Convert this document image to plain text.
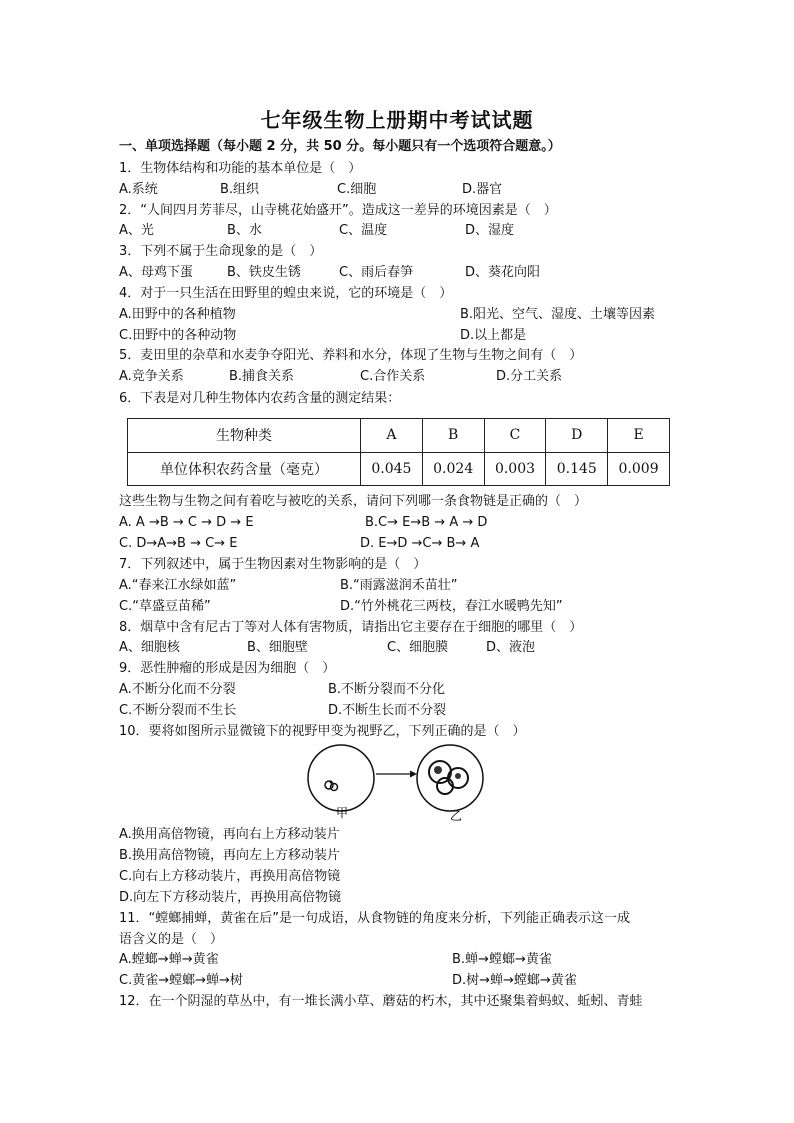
七年级生物上册期中考试试题
一、单项选择题（每小题 2 分，共 50 分。每小题只有一个选项符合题意。）
1．生物体结构和功能的基本单位是（　）
A.系统	B.组织	C.细胞	D.器官
2．“人间四月芳菲尽，山寺桃花始盛开”。造成这一差异的环境因素是（　）
A、光	B、水	C、温度	D、湿度
3．下列不属于生命现象的是（　）
A、母鸡下蛋	B、铁皮生锈	C、雨后春笋	D、葵花向阳
4．对于一只生活在田野里的蝗虫来说，它的环境是（　）
A.田野中的各种植物	B.阳光、空气、湿度、土壤等因素
C.田野中的各种动物	D.以上都是
5．麦田里的杂草和水麦争夺阳光、养料和水分，体现了生物与生物之间有（　）
A.竞争关系	B.捕食关系	C.合作关系	D.分工关系
6．下表是对几种生物体内农药含量的测定结果：
生物种类	A	B	C	D	E
单位体积农药含量（毫克）	0.045	0.024	0.003	0.145	0.009
这些生物与生物之间有着吃与被吃的关系，请问下列哪一条食物链是正确的（　）
A. A →B → C → D → E	B.C→ E→B → A → D
C. D→A→B → C→ E	D. E→D →C→ B→ A
7．下列叙述中，属于生物因素对生物影响的是（　）
A.“春来江水绿如蓝”	B.“雨露滋润禾苗壮”
C.“草盛豆苗稀”	D.“竹外桃花三两枝，春江水暖鸭先知”
8．烟草中含有尼古丁等对人体有害物质，请指出它主要存在于细胞的哪里（　）
A、细胞核	B、细胞壁	C、细胞膜	D、液泡
9．恶性肿瘤的形成是因为细胞（　）
A.不断分化而不分裂	B.不断分裂而不分化
C.不断分裂而不生长	D.不断生长而不分裂
10．要将如图所示显微镜下的视野甲变为视野乙，下列正确的是（　）
甲	乙
A.换用高倍物镜，再向右上方移动装片
B.换用高倍物镜，再向左上方移动装片
C.向右上方移动装片，再换用高倍物镜
D.向左下方移动装片，再换用高倍物镜
11．“螳螂捕蝉，黄雀在后”是一句成语，从食物链的角度来分析，下列能正确表示这一成
语含义的是（　）
A.螳螂→蝉→黄雀	B.蝉→螳螂→黄雀
C.黄雀→螳螂→蝉→树	D.树→蝉→螳螂→黄雀
12．在一个阴湿的草丛中，有一堆长满小草、蘑菇的朽木，其中还聚集着蚂蚁、蚯蚓、青蛙
